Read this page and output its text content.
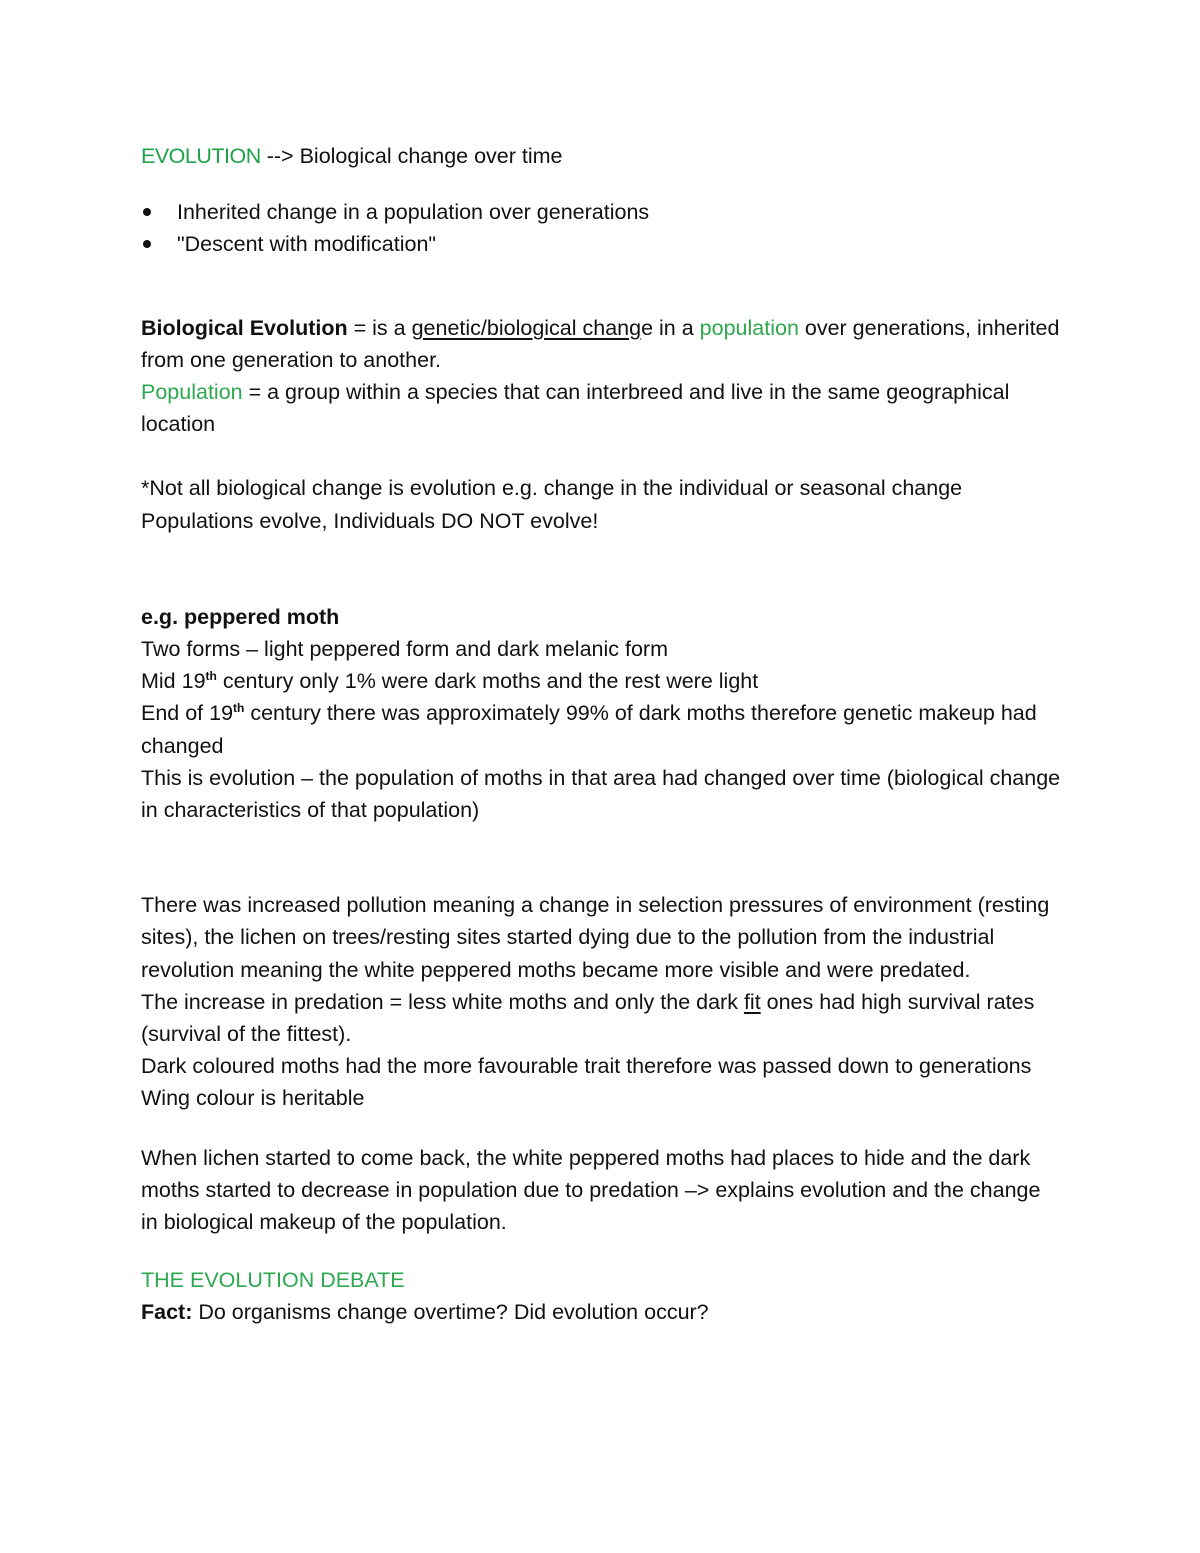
EVOLUTION --> Biological change over time

Inherited change in a population over generations
"Descent with modification"

Biological Evolution = is a genetic/biological change in a population over generations, inherited from one generation to another.

Population = a group within a species that can interbreed and live in the same geographical location

*Not all biological change is evolution e.g. change in the individual or seasonal change

Populations evolve, Individuals DO NOT evolve!

e.g. peppered moth

Two forms – light peppered form and dark melanic form

Mid 19th century only 1% were dark moths and the rest were light

End of 19th century there was approximately 99% of dark moths therefore genetic makeup had changed

This is evolution – the population of moths in that area had changed over time (biological change in characteristics of that population)

There was increased pollution meaning a change in selection pressures of environment (resting sites), the lichen on trees/resting sites started dying due to the pollution from the industrial revolution meaning the white peppered moths became more visible and were predated.

The increase in predation = less white moths and only the dark fit ones had high survival rates (survival of the fittest).

Dark coloured moths had the more favourable trait therefore was passed down to generations

Wing colour is heritable

When lichen started to come back, the white peppered moths had places to hide and the dark moths started to decrease in population due to predation –> explains evolution and the change in biological makeup of the population.

THE EVOLUTION DEBATE

Fact: Do organisms change overtime? Did evolution occur?
